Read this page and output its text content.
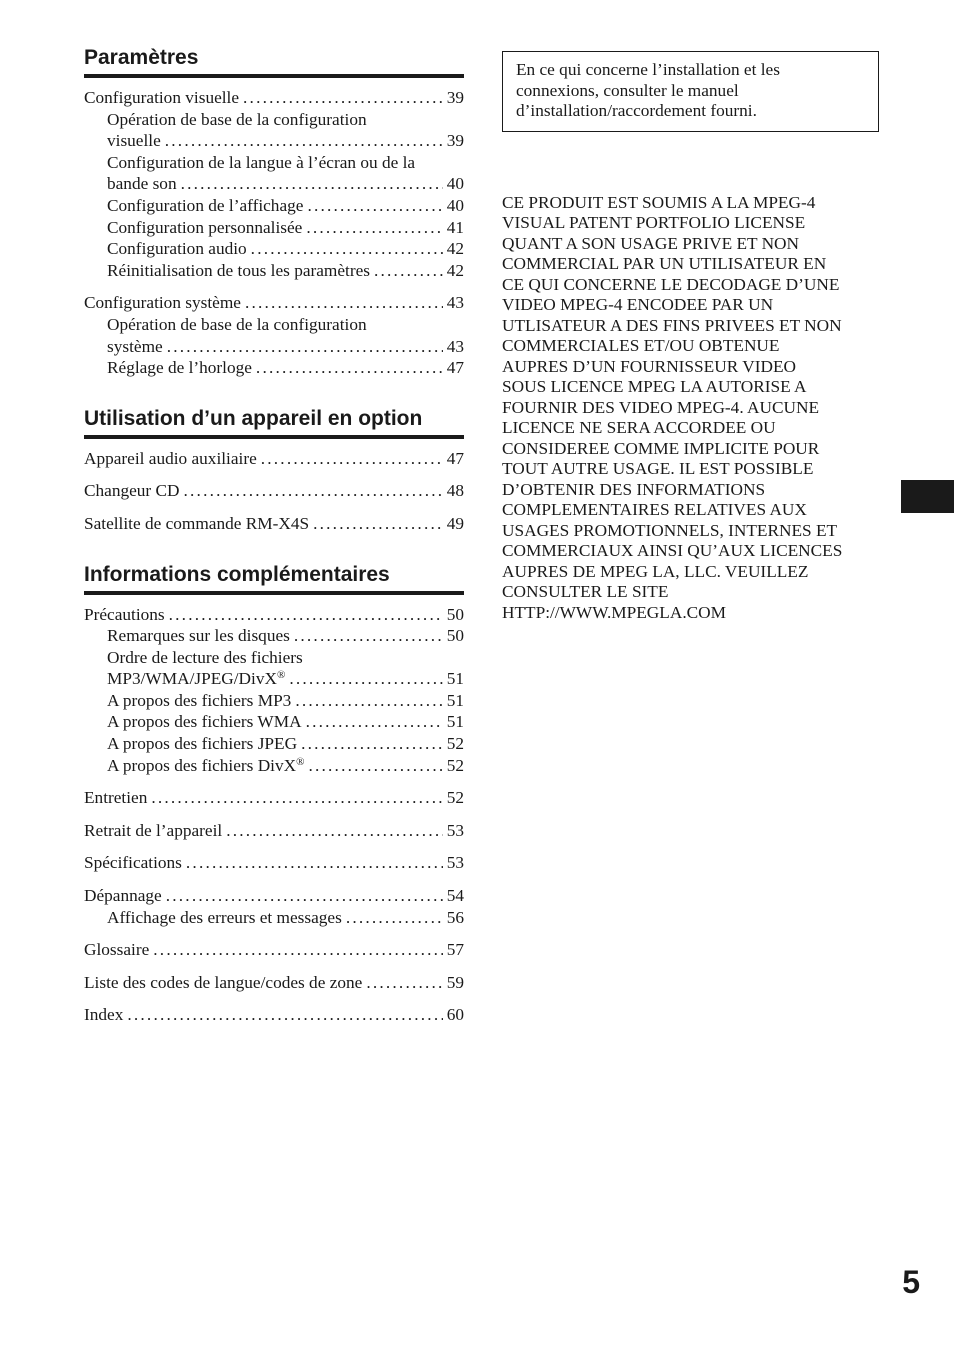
Paramètres
Configuration visuelle .....	39
Opération de base de la configuration
visuelle .....	39
Configuration de la langue à l’écran ou de la
bande son .....	40
Configuration de l’affichage .....	40
Configuration personnalisée .....	41
Configuration audio .....	42
Réinitialisation de tous les paramètres .....	42
Configuration système .....	43
Opération de base de la configuration
système .....	43
Réglage de l’horloge .....	47
Utilisation d’un appareil en option
Appareil audio auxiliaire .....	47
Changeur CD .....	48
Satellite de commande RM-X4S .....	49
Informations complémentaires
Précautions .....	50
Remarques sur les disques .....	50
Ordre de lecture des fichiers
MP3/WMA/JPEG/DivX® .....	51
A propos des fichiers MP3 .....	51
A propos des fichiers WMA .....	51
A propos des fichiers JPEG .....	52
A propos des fichiers DivX® .....	52
Entretien .....	52
Retrait de l’appareil .....	53
Spécifications .....	53
Dépannage .....	54
Affichage des erreurs et messages .....	56
Glossaire .....	57
Liste des codes de langue/codes de zone .....	59
Index .....	60
En ce qui concerne l’installation et les connexions, consulter le manuel d’installation/raccordement fourni.
CE PRODUIT EST SOUMIS A LA MPEG-4
VISUAL PATENT PORTFOLIO LICENSE
QUANT A SON USAGE PRIVE ET NON
COMMERCIAL PAR UN UTILISATEUR EN
CE QUI CONCERNE LE DECODAGE D’UNE
VIDEO MPEG-4 ENCODEE PAR UN
UTLISATEUR A DES FINS PRIVEES ET NON
COMMERCIALES ET/OU OBTENUE
AUPRES D’UN FOURNISSEUR VIDEO
SOUS LICENCE MPEG LA AUTORISE A
FOURNIR DES VIDEO MPEG-4. AUCUNE
LICENCE NE SERA ACCORDEE OU
CONSIDEREE COMME IMPLICITE POUR
TOUT AUTRE USAGE. IL EST POSSIBLE
D’OBTENIR DES INFORMATIONS
COMPLEMENTAIRES RELATIVES AUX
USAGES PROMOTIONNELS, INTERNES ET
COMMERCIAUX AINSI QU’AUX LICENCES
AUPRES DE MPEG LA, LLC. VEUILLEZ
CONSULTER LE SITE
HTTP://WWW.MPEGLA.COM
5
